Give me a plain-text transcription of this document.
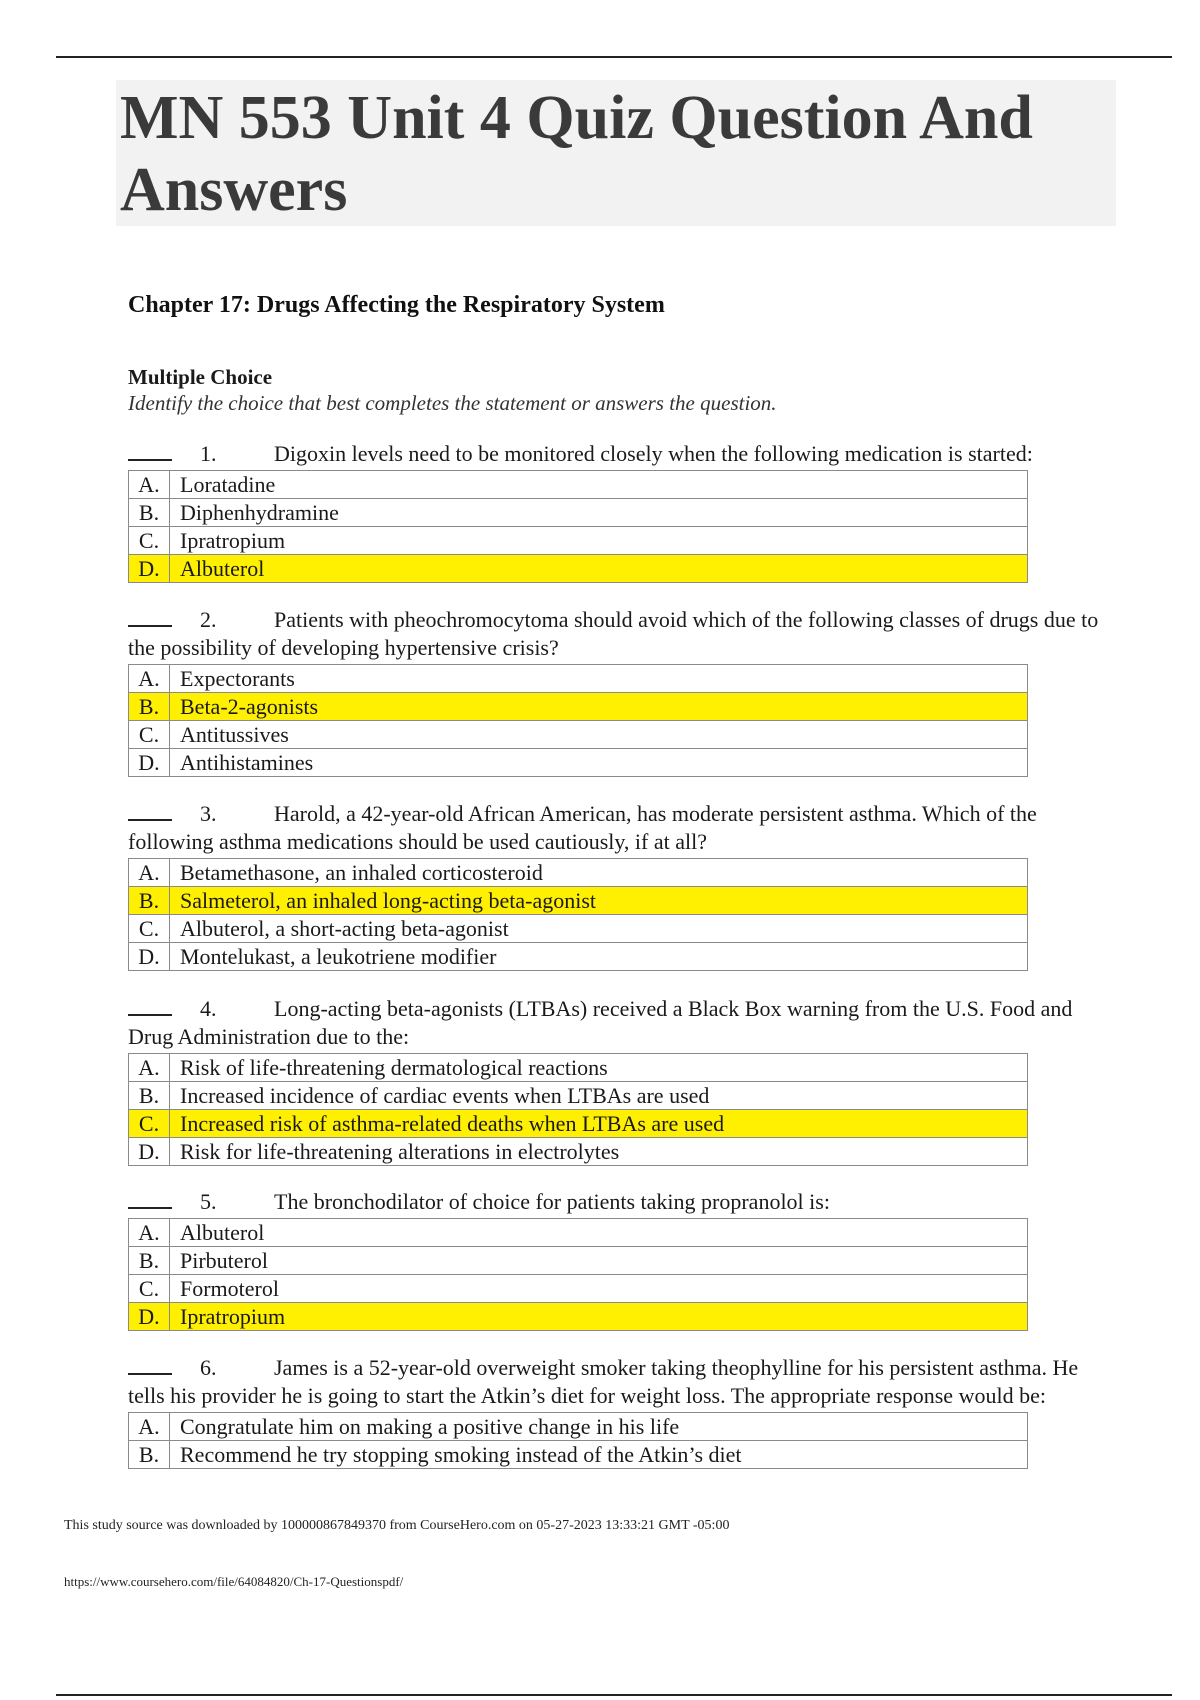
MN 553 Unit 4 Quiz Question And Answers
Chapter 17: Drugs Affecting the Respiratory System
Multiple Choice
Identify the choice that best completes the statement or answers the question.

1.	Digoxin levels need to be monitored closely when the following medication is started:

A.	Loratadine
B.	Diphenhydramine
C.	Ipratropium
D.	Albuterol

2.	Patients with pheochromocytoma should avoid which of the following classes of drugs due to the possibility of developing hypertensive crisis?

A.	Expectorants
B.	Beta-2-agonists
C.	Antitussives
D.	Antihistamines

3.	Harold, a 42-year-old African American, has moderate persistent asthma. Which of the following asthma medications should be used cautiously, if at all?

A.	Betamethasone, an inhaled corticosteroid
B.	Salmeterol, an inhaled long-acting beta-agonist
C.	Albuterol, a short-acting beta-agonist
D.	Montelukast, a leukotriene modifier

4.	Long-acting beta-agonists (LTBAs) received a Black Box warning from the U.S. Food and Drug Administration due to the:

A.	Risk of life-threatening dermatological reactions
B.	Increased incidence of cardiac events when LTBAs are used
C.	Increased risk of asthma-related deaths when LTBAs are used
D.	Risk for life-threatening alterations in electrolytes

5.	The bronchodilator of choice for patients taking propranolol is:

A.	Albuterol
B.	Pirbuterol
C.	Formoterol
D.	Ipratropium

6.	James is a 52-year-old overweight smoker taking theophylline for his persistent asthma. He tells his provider he is going to start the Atkin’s diet for weight loss. The appropriate response would be:

A.	Congratulate him on making a positive change in his life
B.	Recommend he try stopping smoking instead of the Atkin’s diet
This study source was downloaded by 100000867849370 from CourseHero.com on 05-27-2023 13:33:21 GMT -05:00
https://www.coursehero.com/file/64084820/Ch-17-Questionspdf/
